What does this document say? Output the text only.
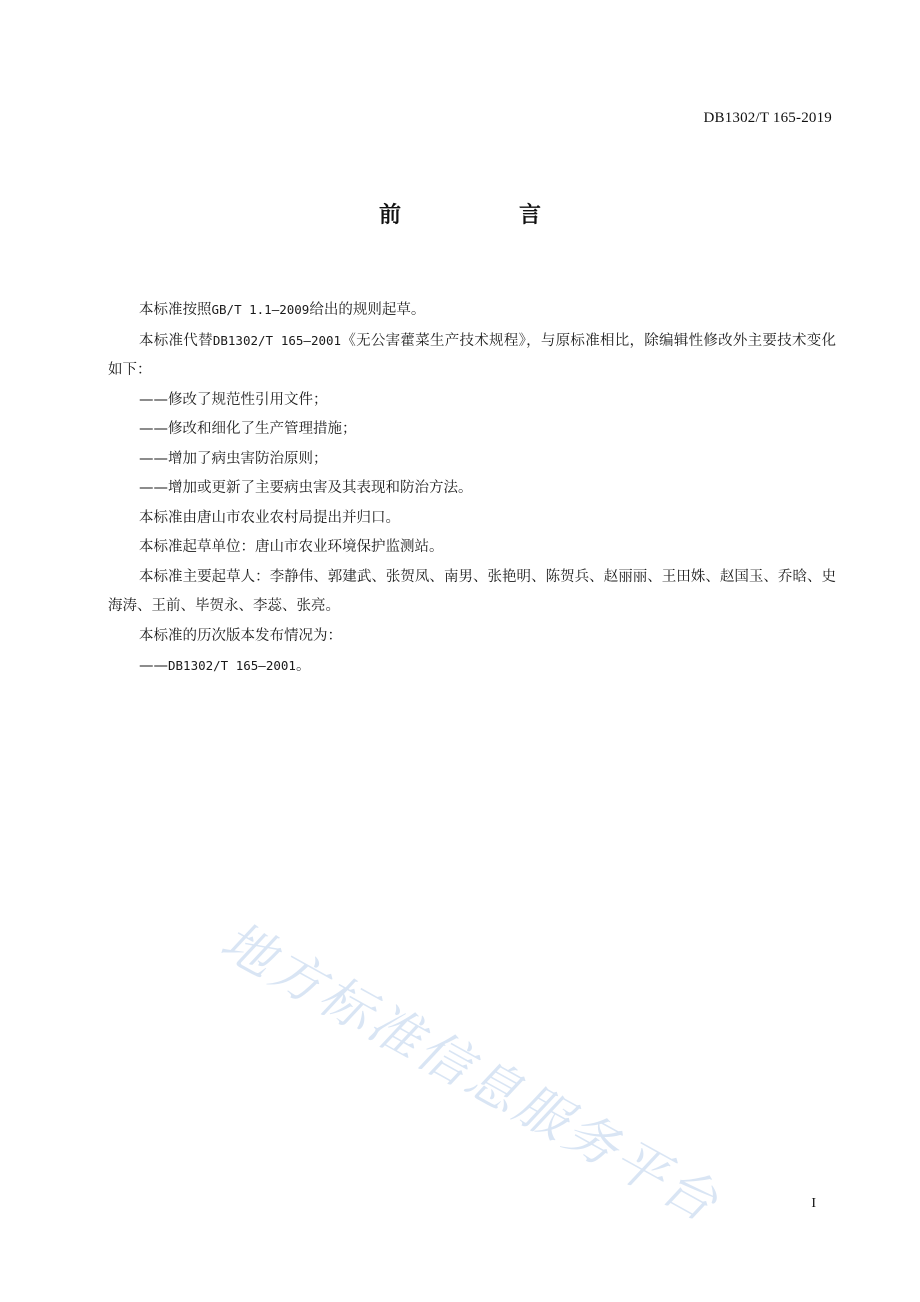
DB1302/T 165-2019
前　言

本标准按照GB/T 1.1—2009给出的规则起草。

本标准代替DB1302/T 165—2001《无公害藿菜生产技术规程》，与原标准相比，除编辑性修改外主要技术变化如下：

——修改了规范性引用文件；

——修改和细化了生产管理措施；

——增加了病虫害防治原则；

——增加或更新了主要病虫害及其表现和防治方法。

本标准由唐山市农业农村局提出并归口。

本标准起草单位：唐山市农业环境保护监测站。

本标准主要起草人：李静伟、郭建武、张贺凤、南男、张艳明、陈贺兵、赵丽丽、王田姝、赵国玉、乔晗、史海涛、王前、毕贺永、李蕊、张亮。

本标准的历次版本发布情况为：

——DB1302/T 165—2001。

地方标准信息服务平台	I
